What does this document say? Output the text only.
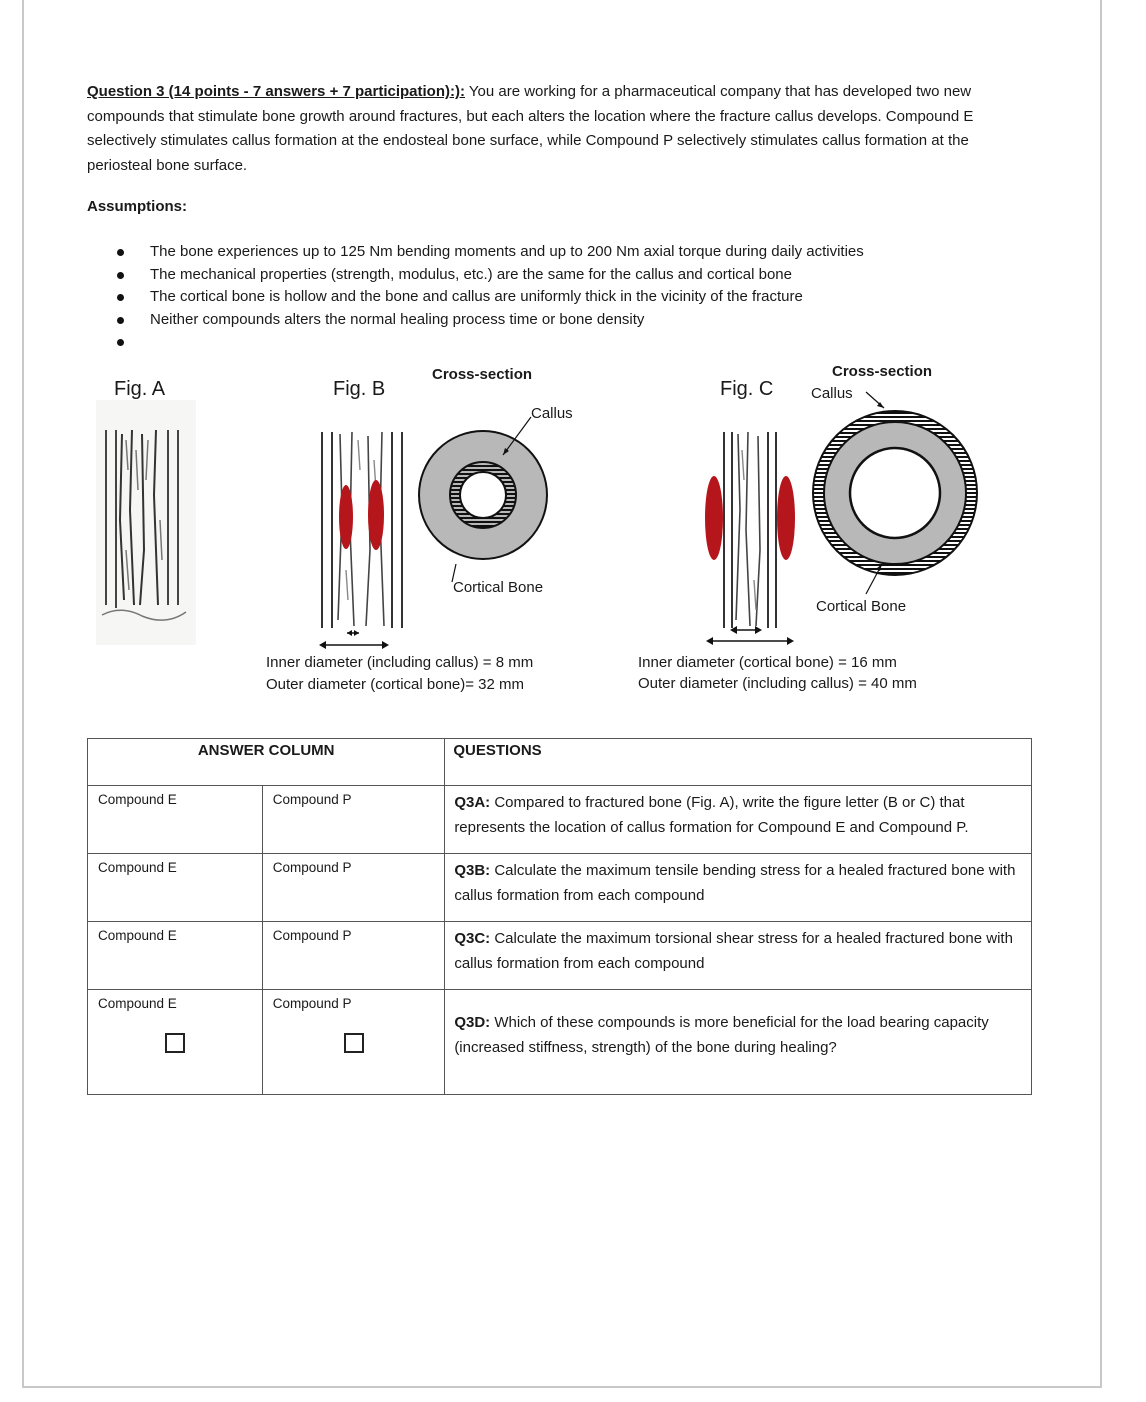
Question 3 (14 points - 7 answers + 7 participation):): You are working for a pharmaceutical company that has developed two new compounds that stimulate bone growth around fractures, but each alters the location where the fracture callus develops. Compound E selectively stimulates callus formation at the endosteal bone surface, while Compound P selectively stimulates callus formation at the periosteal bone surface.
Assumptions:
The bone experiences up to 125 Nm bending moments and up to 200 Nm axial torque during daily activities
The mechanical properties (strength, modulus, etc.) are the same for the callus and cortical bone
The cortical bone is hollow and the bone and callus are uniformly thick in the vicinity of the fracture
Neither compounds alters the normal healing process time or bone density
Fig. A	Fig. B	Fig. C
Cross-section
Callus
Cortical Bone
Cross-section
Callus
Cortical Bone
Inner diameter (including callus) = 8 mm
Outer diameter (cortical bone)= 32 mm
Inner diameter (cortical bone) = 16 mm
Outer diameter (including callus) = 40 mm
ANSWER COLUMN		QUESTIONS

Compound E	Compound P	Q3A: Compared to fractured bone (Fig. A), write the figure letter (B or C) that represents the location of callus formation for Compound E and Compound P.

Compound E	Compound P	Q3B: Calculate the maximum tensile bending stress for a healed fractured bone with callus formation from each compound

Compound E	Compound P	Q3C: Calculate the maximum torsional shear stress for a healed fractured bone with callus formation from each compound

Compound E	Compound P	Q3D: Which of these compounds is more beneficial for the load bearing capacity (increased stiffness, strength) of the bone during healing?
